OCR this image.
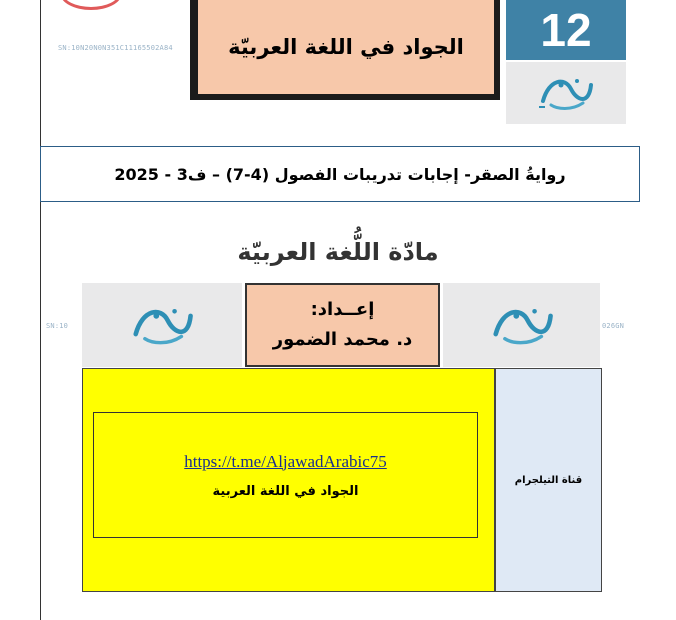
SN:10N20N0N351C11165502A84	الجواد في اللغة العربيّة 12
روايةُ الصقر- إجابات تدريبات الفصول (4-7) – ف3 - 2025
مادّة اللُّغة العربيّة
SN:10
إعــداد:
د. محمد الضمور
026GN
https://t.me/AljawadArabic75
الجواد في اللغة العربية
قناة التيلجرام
